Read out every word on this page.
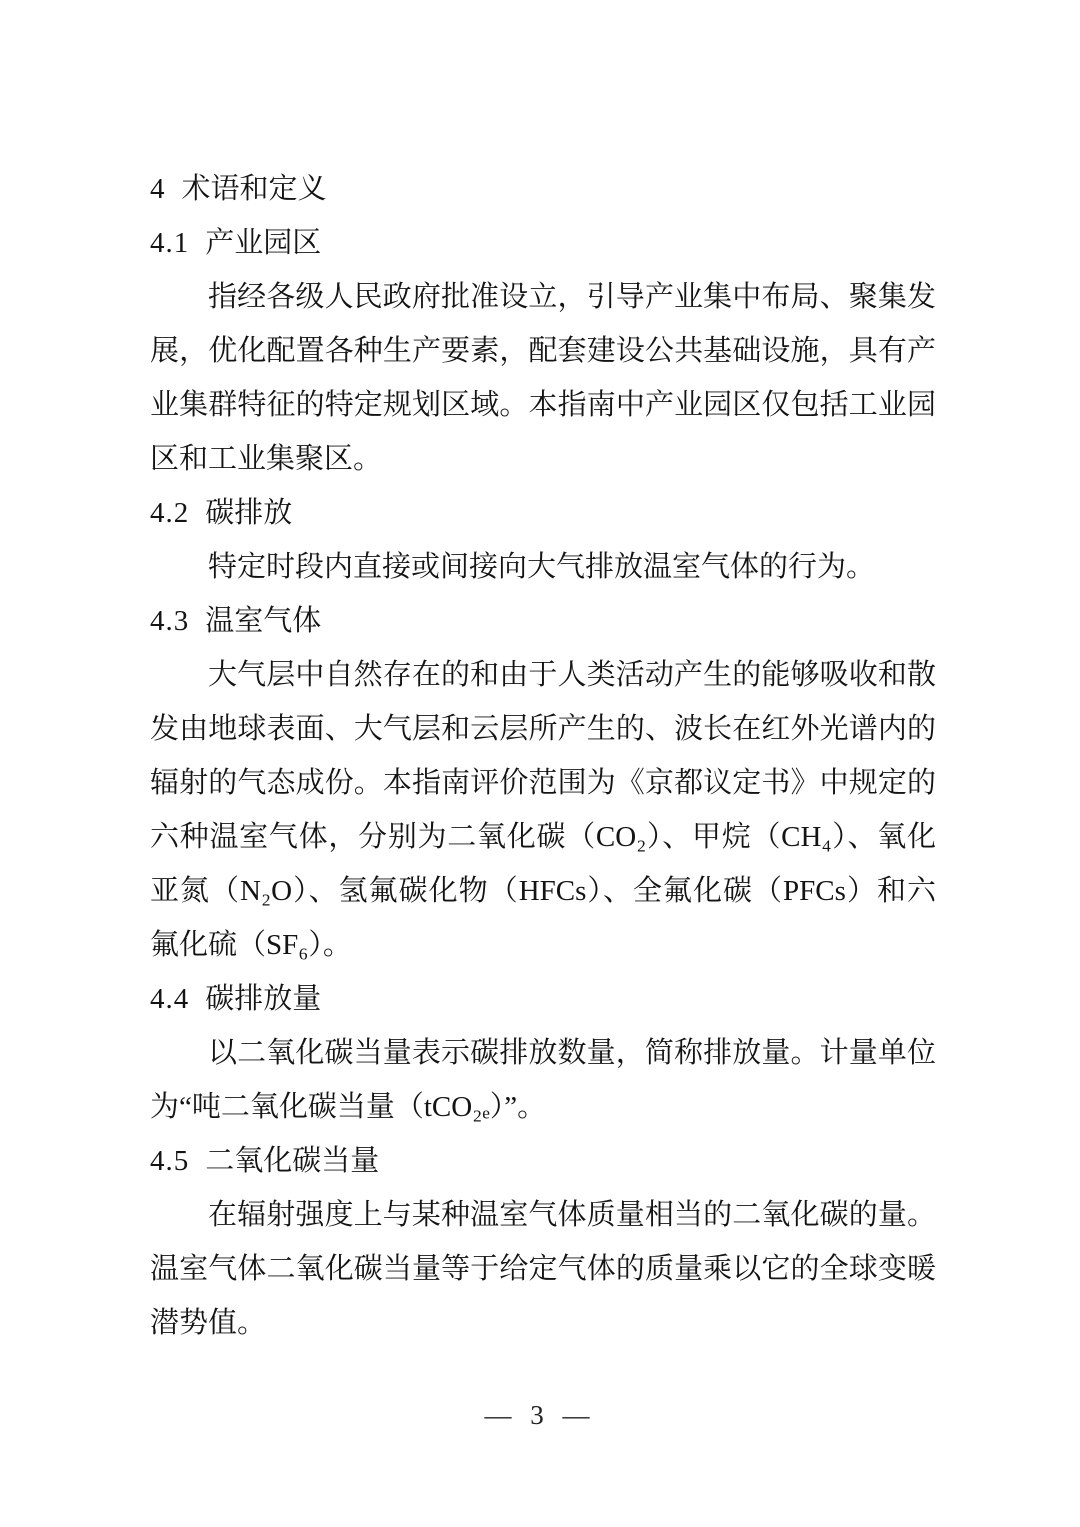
4 术语和定义
4.1 产业园区

指经各级人民政府批准设立，引导产业集中布局、聚集发展，优化配置各种生产要素，配套建设公共基础设施，具有产业集群特征的特定规划区域。本指南中产业园区仅包括工业园区和工业集聚区。

4.2 碳排放

特定时段内直接或间接向大气排放温室气体的行为。

4.3 温室气体

大气层中自然存在的和由于人类活动产生的能够吸收和散发由地球表面、大气层和云层所产生的、波长在红外光谱内的辐射的气态成份。本指南评价范围为《京都议定书》中规定的六种温室气体，分别为二氧化碳（CO₂）、甲烷（CH₄）、氧化亚氮（N₂O）、氢氟碳化物（HFCs）、全氟化碳（PFCs）和六氟化硫（SF₆）。

4.4 碳排放量

以二氧化碳当量表示碳排放数量，简称排放量。计量单位为“吨二氧化碳当量（tCO₂ₑ）”。

4.5 二氧化碳当量

在辐射强度上与某种温室气体质量相当的二氧化碳的量。温室气体二氧化碳当量等于给定气体的质量乘以它的全球变暖潜势值。

— 3 —
